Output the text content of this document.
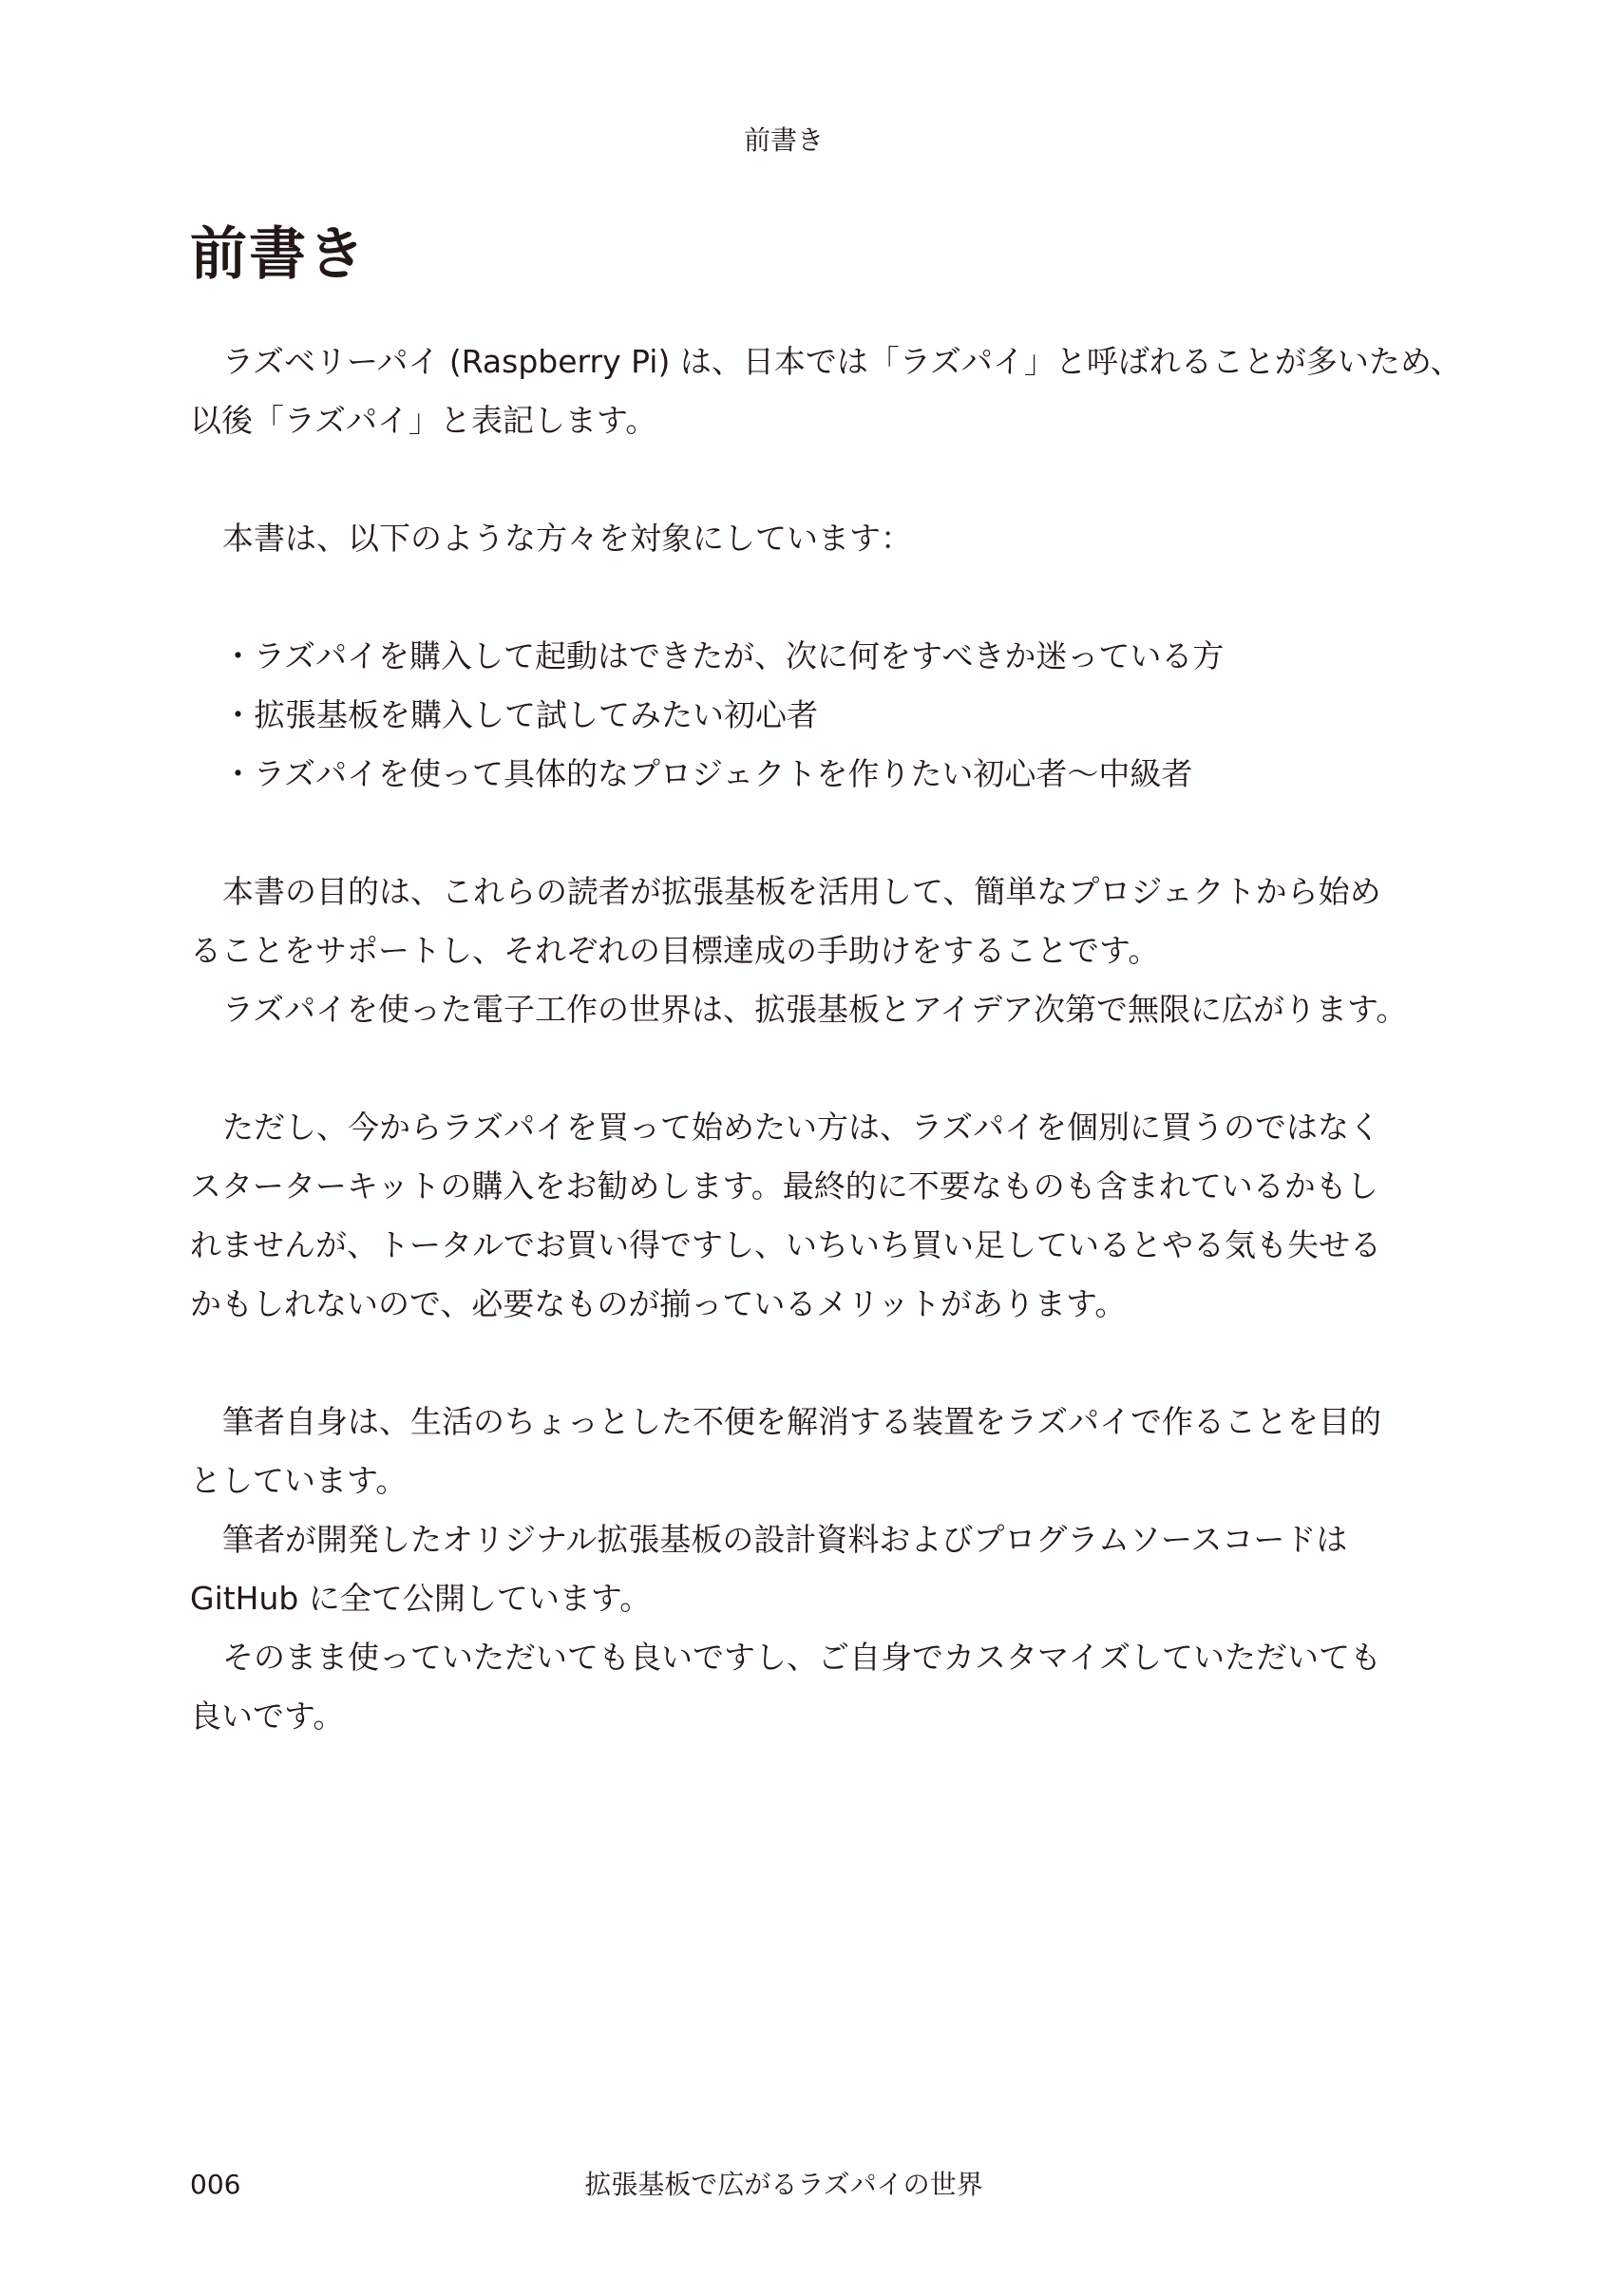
前書き
前書き
ラズベリーパイ (Raspberry Pi) は、日本では「ラズパイ」と呼ばれることが多いため、
以後「ラズパイ」と表記します。
本書は、以下のような方々を対象にしています：
・ラズパイを購入して起動はできたが、次に何をすべきか迷っている方
・拡張基板を購入して試してみたい初心者
・ラズパイを使って具体的なプロジェクトを作りたい初心者〜中級者
本書の目的は、これらの読者が拡張基板を活用して、簡単なプロジェクトから始め
ることをサポートし、それぞれの目標達成の手助けをすることです。
ラズパイを使った電子工作の世界は、拡張基板とアイデア次第で無限に広がります。
ただし、今からラズパイを買って始めたい方は、ラズパイを個別に買うのではなく
スターターキットの購入をお勧めします。最終的に不要なものも含まれているかもし
れませんが、トータルでお買い得ですし、いちいち買い足しているとやる気も失せる
かもしれないので、必要なものが揃っているメリットがあります。
筆者自身は、生活のちょっとした不便を解消する装置をラズパイで作ることを目的
としています。
筆者が開発したオリジナル拡張基板の設計資料およびプログラムソースコードは
GitHub に全て公開しています。
そのまま使っていただいても良いですし、ご自身でカスタマイズしていただいても
良いです。
006	拡張基板で広がるラズパイの世界
